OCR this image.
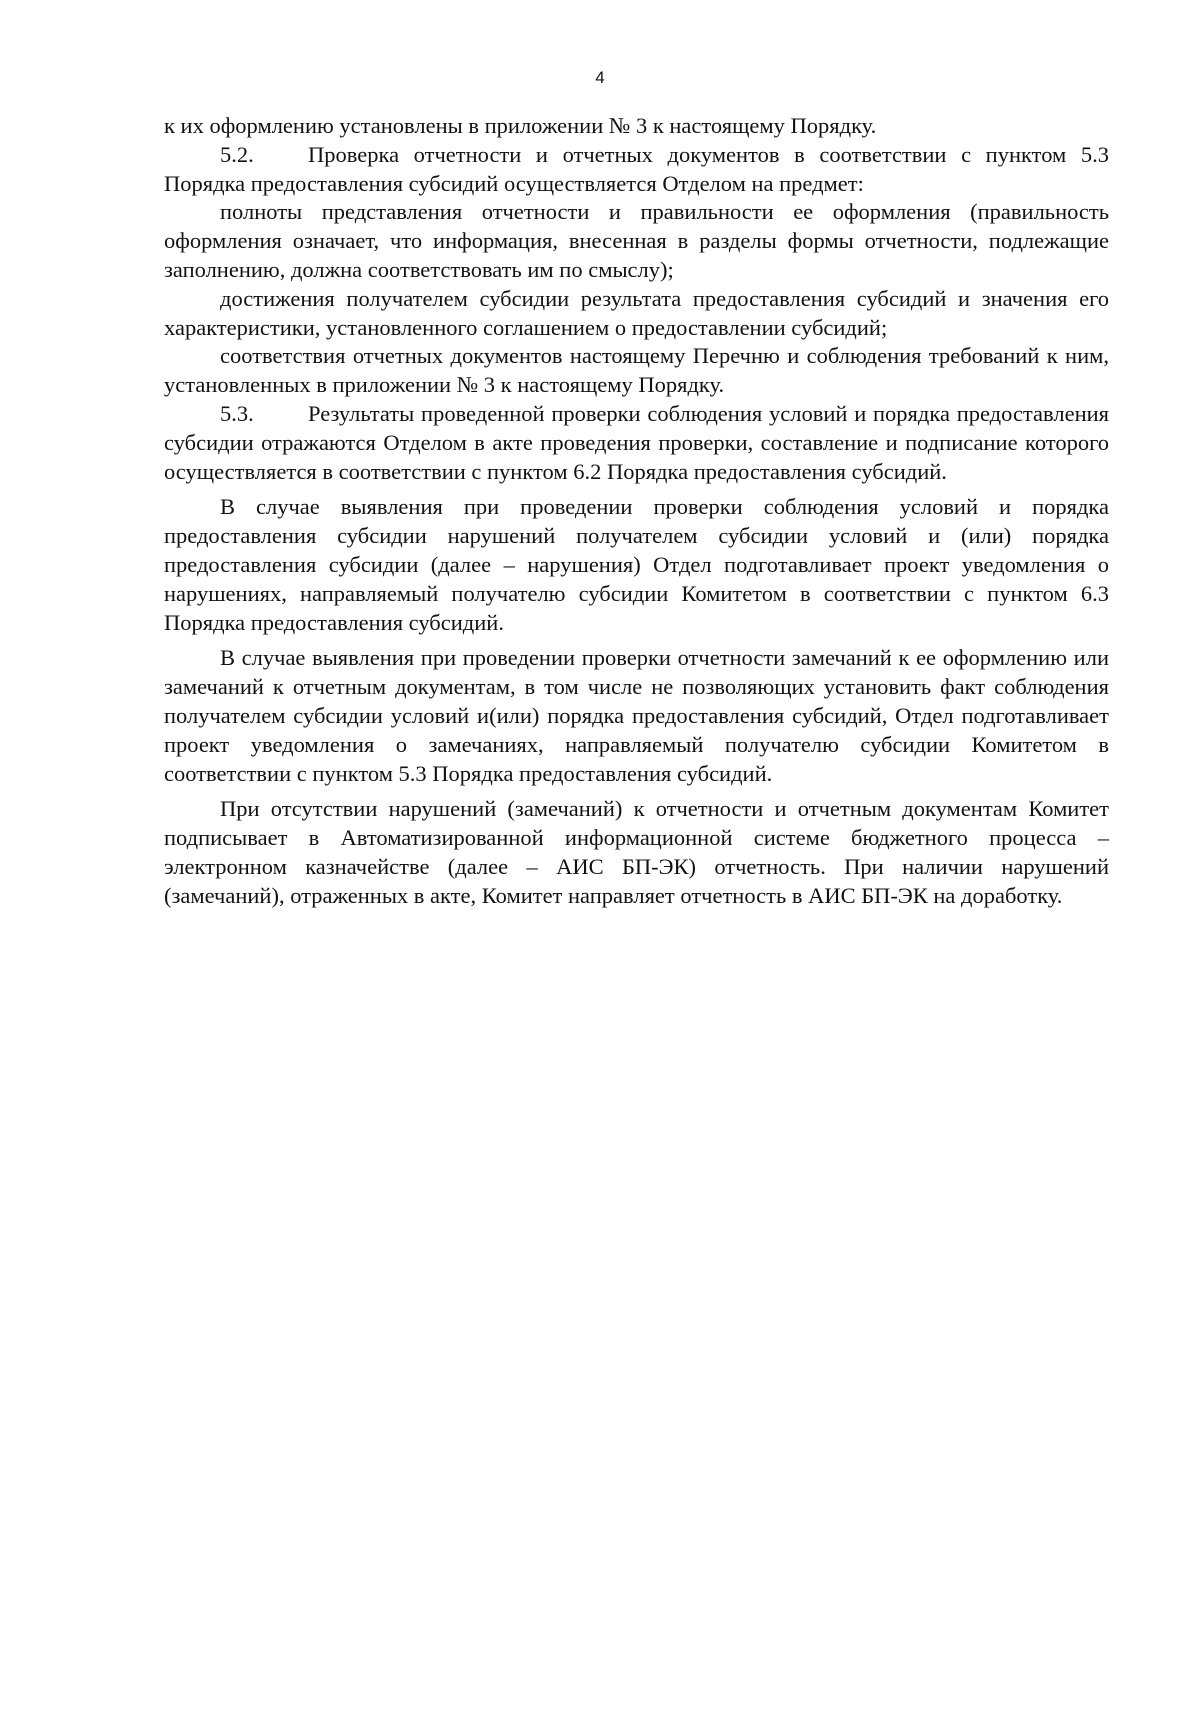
4

к их оформлению установлены в приложении № 3 к настоящему Порядку.

5.2. Проверка отчетности и отчетных документов в соответствии с пунктом 5.3 Порядка предоставления субсидий осуществляется Отделом на предмет:

полноты представления отчетности и правильности ее оформления (правильность оформления означает, что информация, внесенная в разделы формы отчетности, подлежащие заполнению, должна соответствовать им по смыслу);

достижения получателем субсидии результата предоставления субсидий и значения его характеристики, установленного соглашением о предоставлении субсидий;

соответствия отчетных документов настоящему Перечню и соблюдения требований к ним, установленных в приложении № 3 к настоящему Порядку.

5.3. Результаты проведенной проверки соблюдения условий и порядка предоставления субсидии отражаются Отделом в акте проведения проверки, составление и подписание которого осуществляется в соответствии с пунктом 6.2 Порядка предоставления субсидий.

В случае выявления при проведении проверки соблюдения условий и порядка предоставления субсидии нарушений получателем субсидии условий и (или) порядка предоставления субсидии (далее – нарушения) Отдел подготавливает проект уведомления о нарушениях, направляемый получателю субсидии Комитетом в соответствии с пунктом 6.3 Порядка предоставления субсидий.

В случае выявления при проведении проверки отчетности замечаний к ее оформлению или замечаний к отчетным документам, в том числе не позволяющих установить факт соблюдения получателем субсидии условий и(или) порядка предоставления субсидий, Отдел подготавливает проект уведомления о замечаниях, направляемый получателю субсидии Комитетом в соответствии с пунктом 5.3 Порядка предоставления субсидий.

При отсутствии нарушений (замечаний) к отчетности и отчетным документам Комитет подписывает в Автоматизированной информационной системе бюджетного процесса – электронном казначействе (далее – АИС БП-ЭК) отчетность. При наличии нарушений (замечаний), отраженных в акте, Комитет направляет отчетность в АИС БП-ЭК на доработку.
